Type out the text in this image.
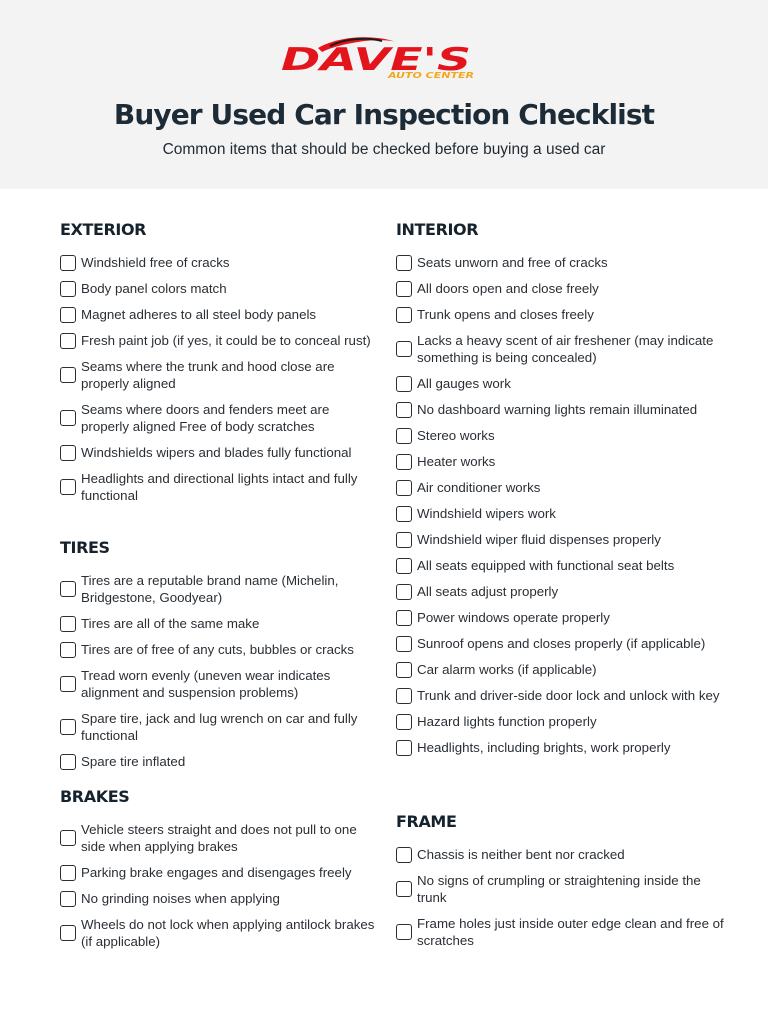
DAVE'S
AUTO CENTER
Buyer Used Car Inspection Checklist
Common items that should be checked before buying a used car
EXTERIOR
Windshield free of cracks
Body panel colors match
Magnet adheres to all steel body panels
Fresh paint job (if yes, it could be to conceal rust)
Seams where the trunk and hood close are properly aligned
Seams where doors and fenders meet are properly aligned Free of body scratches
Windshields wipers and blades fully functional
Headlights and directional lights intact and fully functional
TIRES
Tires are a reputable brand name (Michelin, Bridgestone, Goodyear)
Tires are all of the same make
Tires are of free of any cuts, bubbles or cracks
Tread worn evenly (uneven wear indicates alignment and suspension problems)
Spare tire, jack and lug wrench on car and fully functional
Spare tire inflated
BRAKES
Vehicle steers straight and does not pull to one side when applying brakes
Parking brake engages and disengages freely
No grinding noises when applying
Wheels do not lock when applying antilock brakes (if applicable)
INTERIOR
Seats unworn and free of cracks
All doors open and close freely
Trunk opens and closes freely
Lacks a heavy scent of air freshener (may indicate something is being concealed)
All gauges work
No dashboard warning lights remain illuminated
Stereo works
Heater works
Air conditioner works
Windshield wipers work
Windshield wiper fluid dispenses properly
All seats equipped with functional seat belts
All seats adjust properly
Power windows operate properly
Sunroof opens and closes properly (if applicable)
Car alarm works (if applicable)
Trunk and driver-side door lock and unlock with key
Hazard lights function properly
Headlights, including brights, work properly
FRAME
Chassis is neither bent nor cracked
No signs of crumpling or straightening inside the trunk
Frame holes just inside outer edge clean and free of scratches
